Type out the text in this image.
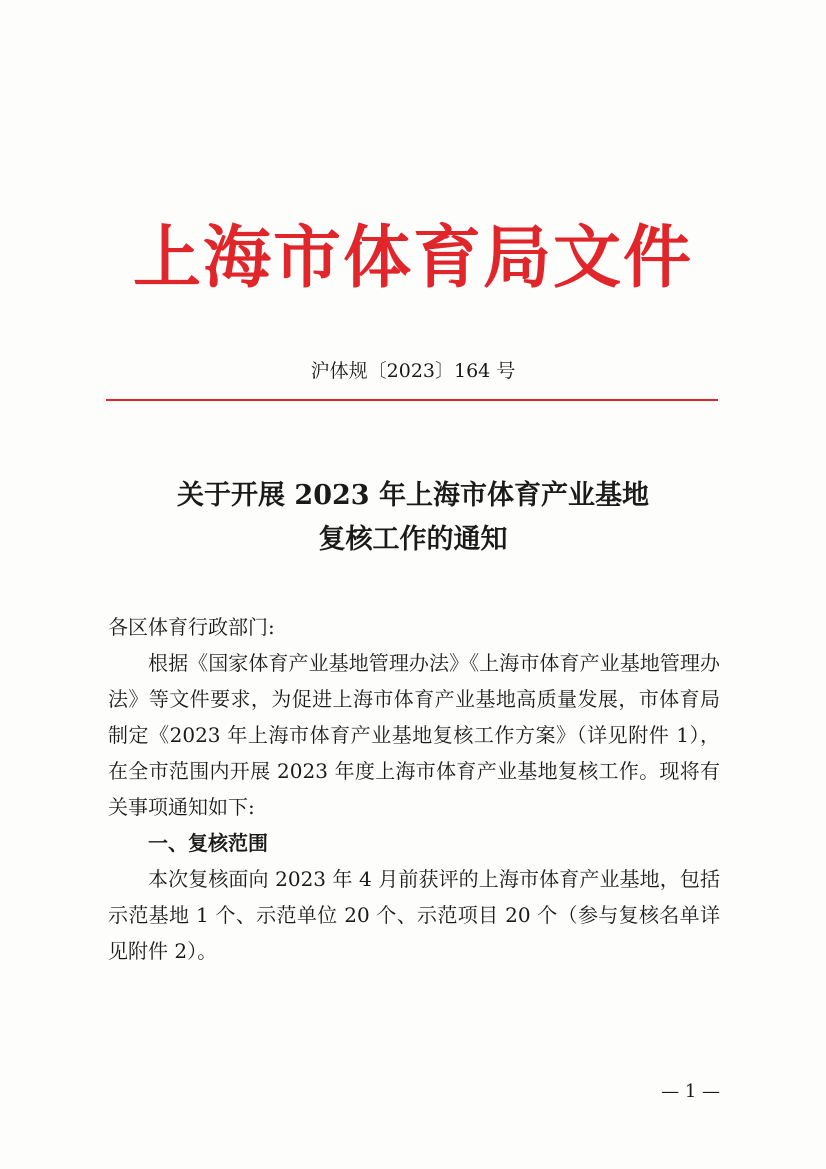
上海市体育局文件
沪体规〔2023〕164 号
关于开展 2023 年上海市体育产业基地
复核工作的通知

各区体育行政部门:

根据《国家体育产业基地管理办法》《上海市体育产业基地管理办法》等文件要求，为促进上海市体育产业基地高质量发展，市体育局制定《2023 年上海市体育产业基地复核工作方案》（详见附件 1），在全市范围内开展 2023 年度上海市体育产业基地复核工作。现将有关事项通知如下:

一、复核范围

本次复核面向 2023 年 4 月前获评的上海市体育产业基地，包括示范基地 1 个、示范单位 20 个、示范项目 20 个（参与复核名单详见附件 2）。

— 1 —
